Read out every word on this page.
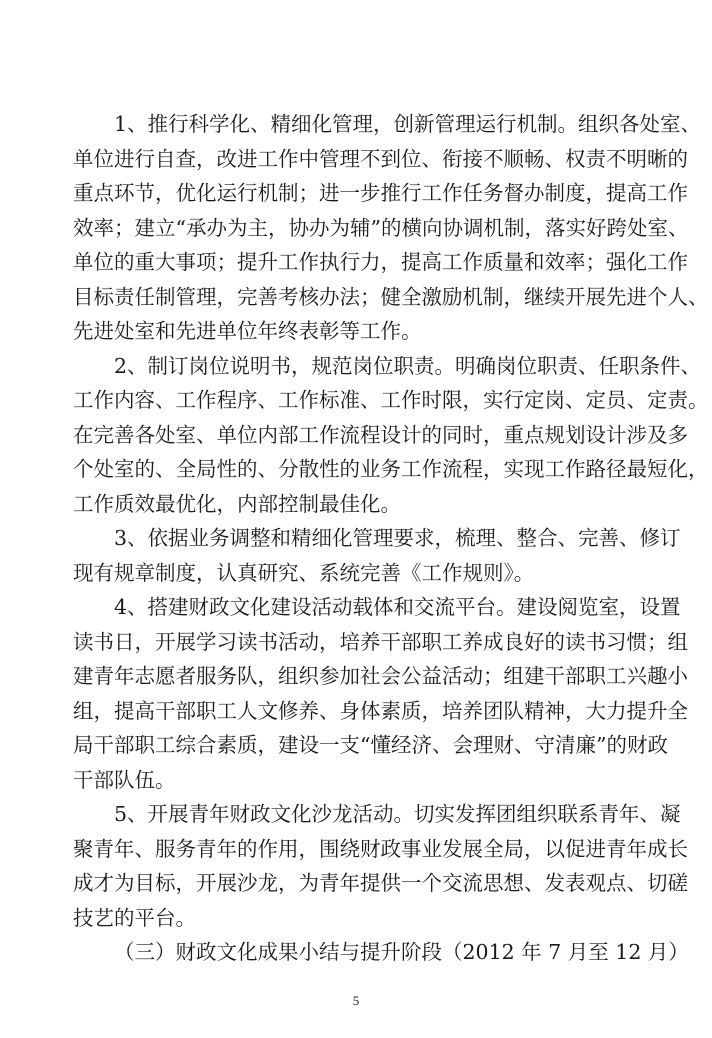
1、推行科学化、精细化管理，创新管理运行机制。组织各处室、
单位进行自查，改进工作中管理不到位、衔接不顺畅、权责不明晰的
重点环节，优化运行机制；进一步推行工作任务督办制度，提高工作
效率；建立“承办为主，协办为辅”的横向协调机制，落实好跨处室、
单位的重大事项；提升工作执行力，提高工作质量和效率；强化工作
目标责任制管理，完善考核办法；健全激励机制，继续开展先进个人、
先进处室和先进单位年终表彰等工作。
2、制订岗位说明书，规范岗位职责。明确岗位职责、任职条件、
工作内容、工作程序、工作标准、工作时限，实行定岗、定员、定责。
在完善各处室、单位内部工作流程设计的同时，重点规划设计涉及多
个处室的、全局性的、分散性的业务工作流程，实现工作路径最短化，
工作质效最优化，内部控制最佳化。
3、依据业务调整和精细化管理要求，梳理、整合、完善、修订
现有规章制度，认真研究、系统完善《工作规则》。
4、搭建财政文化建设活动载体和交流平台。建设阅览室，设置
读书日，开展学习读书活动，培养干部职工养成良好的读书习惯；组
建青年志愿者服务队，组织参加社会公益活动；组建干部职工兴趣小
组，提高干部职工人文修养、身体素质，培养团队精神，大力提升全
局干部职工综合素质，建设一支“懂经济、会理财、守清廉”的财政
干部队伍。
5、开展青年财政文化沙龙活动。切实发挥团组织联系青年、凝
聚青年、服务青年的作用，围绕财政事业发展全局，以促进青年成长
成才为目标，开展沙龙，为青年提供一个交流思想、发表观点、切磋
技艺的平台。
（三）财政文化成果小结与提升阶段（2012 年 7 月至 12 月）
5
